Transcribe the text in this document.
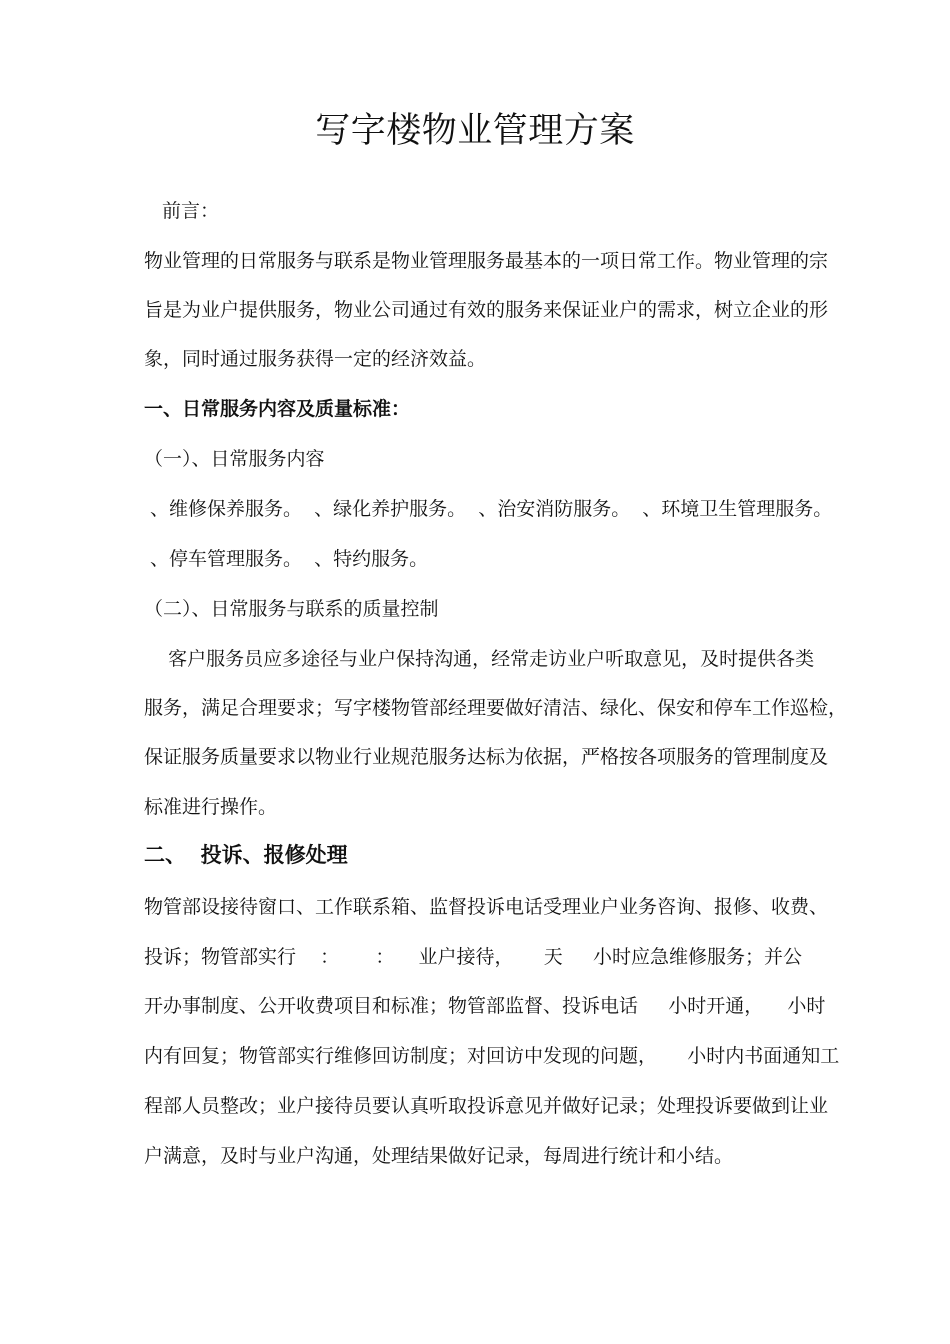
写字楼物业管理方案
前言：
物业管理的日常服务与联系是物业管理服务最基本的一项日常工作。物业管理的宗
旨是为业户提供服务，物业公司通过有效的服务来保证业户的需求，树立企业的形
象，同时通过服务获得一定的经济效益。
一、日常服务内容及质量标准：
（一）、日常服务内容
、维修保养服务。  、绿化养护服务。  、治安消防服务。  、环境卫生管理服务。
、停车管理服务。  、特约服务。
（二）、日常服务与联系的质量控制
客户服务员应多途径与业户保持沟通，经常走访业户听取意见，及时提供各类
服务，满足合理要求；写字楼物管部经理要做好清洁、绿化、保安和停车工作巡检，
保证服务质量要求以物业行业规范服务达标为依据，严格按各项服务的管理制度及
标准进行操作。
二、  投诉、报修处理
物管部设接待窗口、工作联系箱、监督投诉电话受理业户业务咨询、报修、收费、
投诉；物管部实行    ：      ：    业户接待，     天     小时应急维修服务；并公
开办事制度、公开收费项目和标准；物管部监督、投诉电话     小时开通，    小时
内有回复；物管部实行维修回访制度；对回访中发现的问题，     小时内书面通知工
程部人员整改；业户接待员要认真听取投诉意见并做好记录；处理投诉要做到让业
户满意，及时与业户沟通，处理结果做好记录，每周进行统计和小结。
